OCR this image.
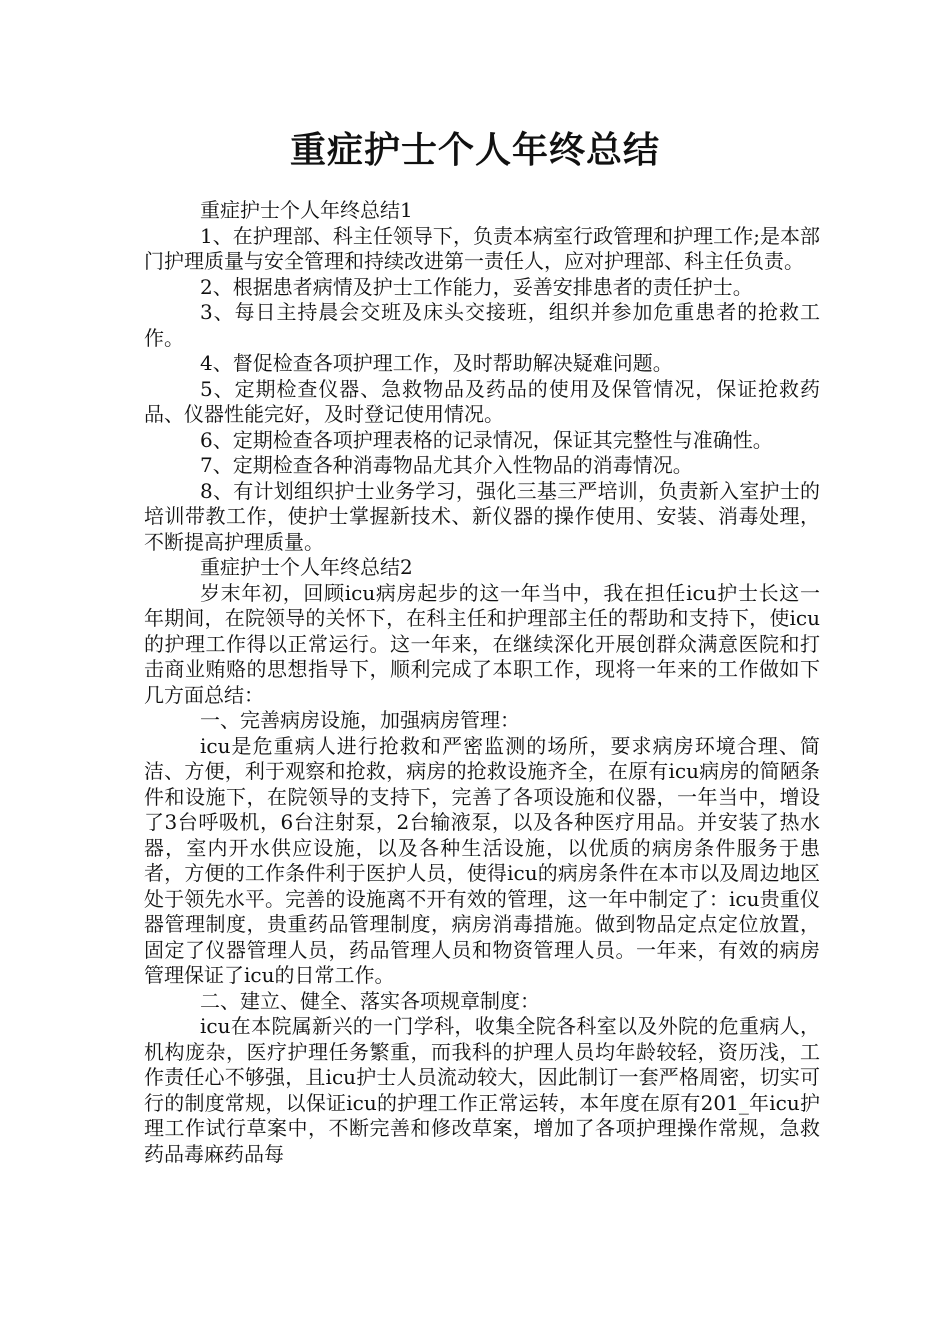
重症护士个人年终总结

重症护士个人年终总结1

1、在护理部、科主任领导下，负责本病室行政管理和护理工作;是本部门护理质量与安全管理和持续改进第一责任人，应对护理部、科主任负责。

2、根据患者病情及护士工作能力，妥善安排患者的责任护士。

3、每日主持晨会交班及床头交接班，组织并参加危重患者的抢救工作。

4、督促检查各项护理工作，及时帮助解决疑难问题。

5、定期检查仪器、急救物品及药品的使用及保管情况，保证抢救药品、仪器性能完好，及时登记使用情况。

6、定期检查各项护理表格的记录情况，保证其完整性与准确性。

7、定期检查各种消毒物品尤其介入性物品的消毒情况。

8、有计划组织护士业务学习，强化三基三严培训，负责新入室护士的培训带教工作，使护士掌握新技术、新仪器的操作使用、安装、消毒处理，不断提高护理质量。

重症护士个人年终总结2

岁末年初，回顾icu病房起步的这一年当中，我在担任icu护士长这一年期间，在院领导的关怀下，在科主任和护理部主任的帮助和支持下，使icu的护理工作得以正常运行。这一年来，在继续深化开展创群众满意医院和打击商业贿赂的思想指导下，顺利完成了本职工作，现将一年来的工作做如下几方面总结：

一、完善病房设施，加强病房管理：

icu是危重病人进行抢救和严密监测的场所，要求病房环境合理、简洁、方便，利于观察和抢救，病房的抢救设施齐全，在原有icu病房的简陋条件和设施下，在院领导的支持下，完善了各项设施和仪器，一年当中，增设了3台呼吸机，6台注射泵，2台输液泵，以及各种医疗用品。并安装了热水器，室内开水供应设施，以及各种生活设施，以优质的病房条件服务于患者，方便的工作条件利于医护人员，使得icu的病房条件在本市以及周边地区处于领先水平。完善的设施离不开有效的管理，这一年中制定了：icu贵重仪器管理制度，贵重药品管理制度，病房消毒措施。做到物品定点定位放置，固定了仪器管理人员，药品管理人员和物资管理人员。一年来，有效的病房管理保证了icu的日常工作。

二、建立、健全、落实各项规章制度：

icu在本院属新兴的一门学科，收集全院各科室以及外院的危重病人，机构庞杂，医疗护理任务繁重，而我科的护理人员均年龄较轻，资历浅，工作责任心不够强，且icu护士人员流动较大，因此制订一套严格周密，切实可行的制度常规，以保证icu的护理工作正常运转，本年度在原有201_年icu护理工作试行草案中，不断完善和修改草案，增加了各项护理操作常规，急救药品毒麻药品每
